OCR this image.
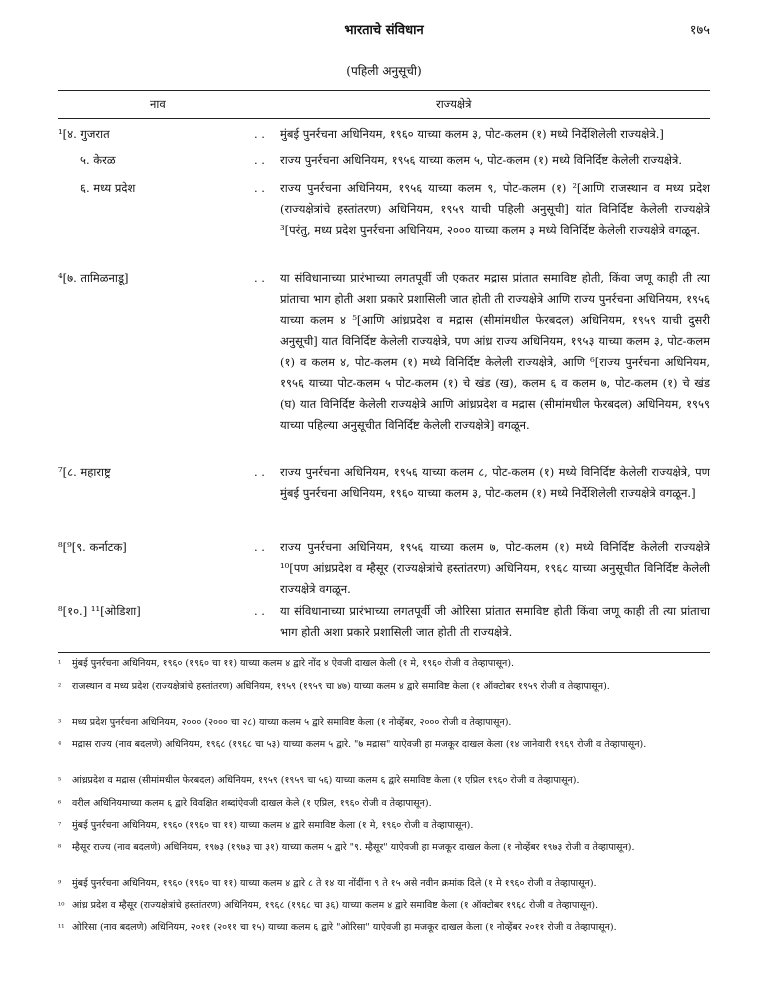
भारताचे संविधान	१७५
(पहिली अनुसूची)
नाव	राज्यक्षेत्रे
¹[४. गुजरात	. . मुंबई पुनर्रचना अधिनियम, १९६० याच्या कलम ३, पोट-कलम (१) मध्ये निर्देशिलेली राज्यक्षेत्रे.]
५. केरळ	. . राज्य पुनर्रचना अधिनियम, १९५६ याच्या कलम ५, पोट-कलम (१) मध्ये विनिर्दिष्ट केलेली राज्यक्षेत्रे.
६. मध्य प्रदेश	. . राज्य पुनर्रचना अधिनियम, १९५६ याच्या कलम ९, पोट-कलम (१) ²[आणि राजस्थान व मध्य प्रदेश (राज्यक्षेत्रांचे हस्तांतरण) अधिनियम, १९५९ याची पहिली अनुसूची] यांत विनिर्दिष्ट केलेली राज्यक्षेत्रे ³[परंतु, मध्य प्रदेश पुनर्रचना अधिनियम, २००० याच्या कलम ३ मध्ये विनिर्दिष्ट केलेली राज्यक्षेत्रे वगळून.
⁴[७. तामिळनाडू]	. . या संविधानाच्या प्रारंभाच्या लगतपूर्वी जी एकतर मद्रास प्रांतात समाविष्ट होती, किंवा जणू काही ती त्या प्रांताचा भाग होती अशा प्रकारे प्रशासिली जात होती ती राज्यक्षेत्रे आणि राज्य पुनर्रचना अधिनियम, १९५६ याच्या कलम ४ ⁵[आणि आंध्रप्रदेश व मद्रास (सीमांमधील फेरबदल) अधिनियम, १९५९ याची दुसरी अनुसूची] यात विनिर्दिष्ट केलेली राज्यक्षेत्रे, पण आंध्र राज्य अधिनियम, १९५३ याच्या कलम ३, पोट-कलम (१) व कलम ४, पोट-कलम (१) मध्ये विनिर्दिष्ट केलेली राज्यक्षेत्रे, आणि ⁶[राज्य पुनर्रचना अधिनियम, १९५६ याच्या पोट-कलम ५ पोट-कलम (१) चे खंड (ख), कलम ६ व कलम ७, पोट-कलम (१) चे खंड (घ) यात विनिर्दिष्ट केलेली राज्यक्षेत्रे आणि आंध्रप्रदेश व मद्रास (सीमांमधील फेरबदल) अधिनियम, १९५९ याच्या पहिल्या अनुसूचीत विनिर्दिष्ट केलेली राज्यक्षेत्रे] वगळून.
⁷[८. महाराष्ट्र	. . राज्य पुनर्रचना अधिनियम, १९५६ याच्या कलम ८, पोट-कलम (१) मध्ये विनिर्दिष्ट केलेली राज्यक्षेत्रे, पण मुंबई पुनर्रचना अधिनियम, १९६० याच्या कलम ३, पोट-कलम (१) मध्ये निर्देशिलेली राज्यक्षेत्रे वगळून.]
⁸[⁹[९. कर्नाटक]	. . राज्य पुनर्रचना अधिनियम, १९५६ याच्या कलम ७, पोट-कलम (१) मध्ये विनिर्दिष्ट केलेली राज्यक्षेत्रे ¹⁰[पण आंध्रप्रदेश व म्हैसूर (राज्यक्षेत्रांचे हस्तांतरण) अधिनियम, १९६८ याच्या अनुसूचीत विनिर्दिष्ट केलेली राज्यक्षेत्रे वगळून.
⁸[१०.] ¹¹[ओडिशा]	. . या संविधानाच्या प्रारंभाच्या लगतपूर्वी जी ओरिसा प्रांतात समाविष्ट होती किंवा जणू काही ती त्या प्रांताचा भाग होती अशा प्रकारे प्रशासिली जात होती ती राज्यक्षेत्रे.
¹	मुंबई पुनर्रचना अधिनियम, १९६० (१९६० चा ११) याच्या कलम ४ द्वारे नोंद ४ ऐवजी दाखल केली (१ मे, १९६० रोजी व तेव्हापासून).
²	राजस्थान व मध्य प्रदेश (राज्यक्षेत्रांचे हस्तांतरण) अधिनियम, १९५९ (१९५९ चा ४७) याच्या कलम ४ द्वारे समाविष्ट केला (१ ऑक्टोबर १९५९ रोजी व तेव्हापासून).
³	मध्य प्रदेश पुनर्रचना अधिनियम, २००० (२००० चा २८) याच्या कलम ५ द्वारे समाविष्ट केला (१ नोव्हेंबर, २००० रोजी व तेव्हापासून).
⁴	मद्रास राज्य (नाव बदलणे) अधिनियम, १९६८ (१९६८ चा ५३) याच्या कलम ५ द्वारे. "७ मद्रास" याऐवजी हा मजकूर दाखल केला (१४ जानेवारी १९६९ रोजी व तेव्हापासून).
⁵	आंध्रप्रदेश व मद्रास (सीमांमधील फेरबदल) अधिनियम, १९५९ (१९५९ चा ५६) याच्या कलम ६ द्वारे समाविष्ट केला (१ एप्रिल १९६० रोजी व तेव्हापासून).
⁶	वरील अधिनियमाच्या कलम ६ द्वारे विवक्षित शब्दांऐवजी दाखल केले (१ एप्रिल, १९६० रोजी व तेव्हापासून).
⁷	मुंबई पुनर्रचना अधिनियम, १९६० (१९६० चा ११) याच्या कलम ४ द्वारे समाविष्ट केला (१ मे, १९६० रोजी व तेव्हापासून).
⁸	म्हैसूर राज्य (नाव बदलणे) अधिनियम, १९७३ (१९७३ चा ३१) याच्या कलम ५ द्वारे "९. म्हैसूर" याऐवजी हा मजकूर दाखल केला (१ नोव्हेंबर १९७३ रोजी व तेव्हापासून).
⁹	मुंबई पुनर्रचना अधिनियम, १९६० (१९६० चा ११) याच्या कलम ४ द्वारे ८ ते १४ या नोंदींना ९ ते १५ असे नवीन क्रमांक दिले (१ मे १९६० रोजी व तेव्हापासून).
¹⁰ आंध्र प्रदेश व म्हैसूर (राज्यक्षेत्रांचे हस्तांतरण) अधिनियम, १९६८ (१९६८ चा ३६) याच्या कलम ४ द्वारे समाविष्ट केला (१ ऑक्टोबर १९६८ रोजी व तेव्हापासून).
¹¹ ओरिसा (नाव बदलणे) अधिनियम, २०११ (२०११ चा १५) याच्या कलम ६ द्वारे "ओरिसा" याऐवजी हा मजकूर दाखल केला (१ नोव्हेंबर २०११ रोजी व तेव्हापासून).
